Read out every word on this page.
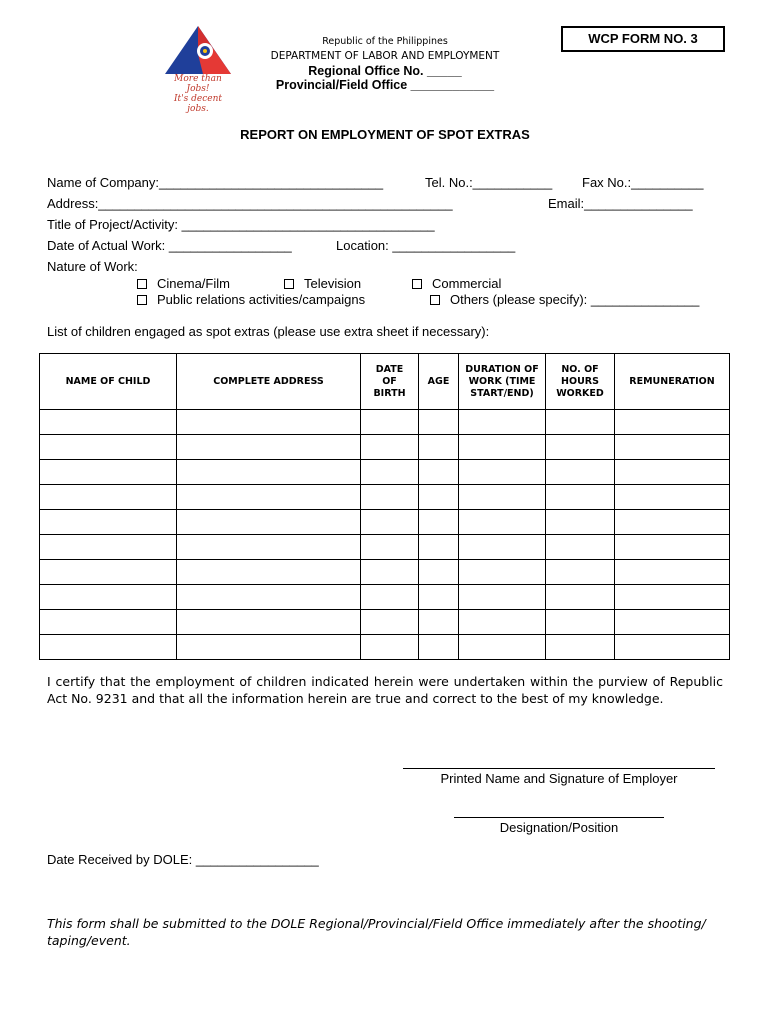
More than Jobs!
It's decent jobs.
Republic of the Philippines
DEPARTMENT OF LABOR AND EMPLOYMENT
Regional Office No. _____
Provincial/Field Office ____________
WCP FORM NO. 3
REPORT ON EMPLOYMENT OF SPOT EXTRAS
Name of Company:_______________________________	Tel. No.:___________ Fax No.:__________
Address:_________________________________________________	Email:_______________
Title of Project/Activity: ___________________________________
Date of Actual Work: _________________	Location: _________________
Nature of Work:
Cinema/Film	Television	Commercial
Public relations activities/campaigns	Others (please specify): _______________
List of children engaged as spot extras (please use extra sheet if necessary):
NAME OF CHILD	COMPLETE ADDRESS	DATE OF BIRTH	AGE	DURATION OF WORK (TIME START/END)	NO. OF HOURS WORKED	REMUNERATION

I certify that the employment of children indicated herein were undertaken within the purview of Republic Act No. 9231 and that all the information herein are true and correct to the best of my knowledge.
Printed Name and Signature of Employer
Designation/Position
Date Received by DOLE: _________________
This form shall be submitted to the DOLE Regional/Provincial/Field Office immediately after the shooting/ taping/event.
